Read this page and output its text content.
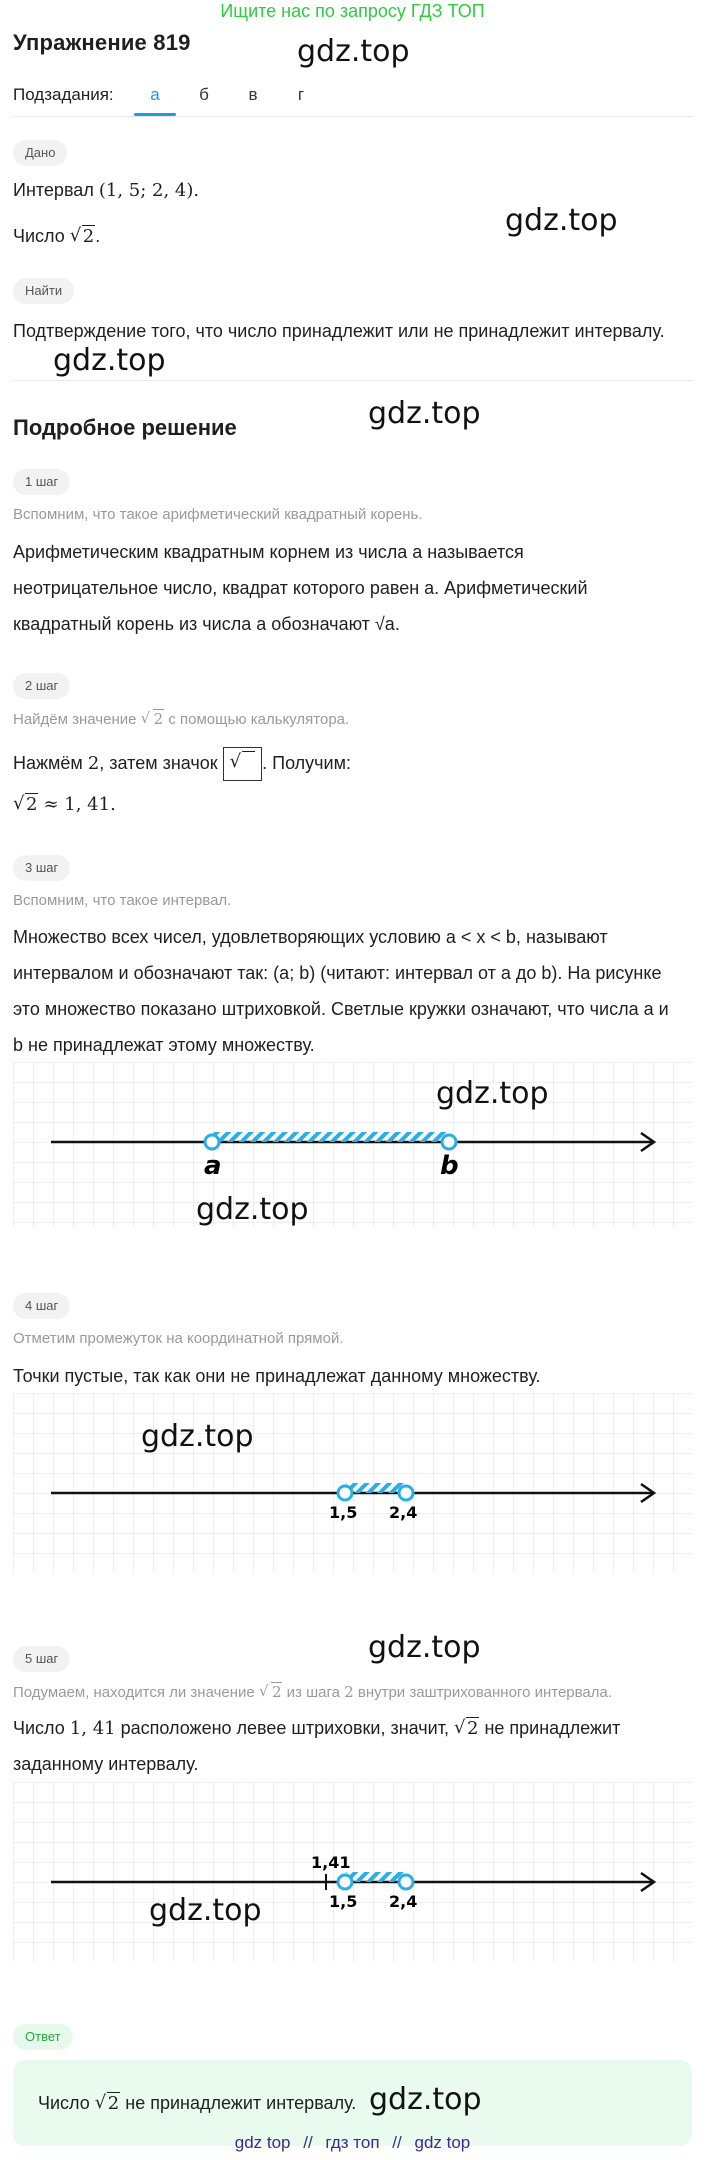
Ищите нас по запросу ГДЗ ТОП
Упражнение 819	gdz.top
gdz.top
gdz.top
gdz.top
Подзадания:	а	б	в	г
Дано
Интервал (1, 5; 2, 4).
Число √ 2.
Найти
Подтверждение того, что число принадлежит или не принадлежит интервалу.
Подробное решение
1 шаг
Вспомним, что такое арифметический квадратный корень.
Арифметическим квадратным корнем из числа a называется
неотрицательное число, квадрат которого равен a. Арифметический
квадратный корень из числа a обозначают √a.
2 шаг
Найдём значение √ 2 с помощью калькулятора.
Нажмём 2, затем значок √ . Получим:
√ 2 ≈ 1, 41.
3 шаг
Вспомним, что такое интервал.
Множество всех чисел, удовлетворяющих условию a < x < b, называют
интервалом и обозначают так: (a; b) (читают: интервал от a до b). На рисунке
это множество показано штриховкой. Светлые кружки означают, что числа a и
b не принадлежат этому множеству.
a	b
gdz.top
gdz.top
4 шаг
Отметим промежуток на координатной прямой.
Точки пустые, так как они не принадлежат данному множеству.
1,5 2,4
gdz.top
gdz.top
5 шаг
Подумаем, находится ли значение √ 2 из шага 2 внутри заштрихованного интервала.
Число 1, 41 расположено левее штриховки, значит, √ 2 не принадлежит
заданному интервалу.
1,41
1,5 2,4
gdz.top
Ответ
Число √ 2 не принадлежит интервалу. gdz.top
gdz top // гдз топ // gdz top
